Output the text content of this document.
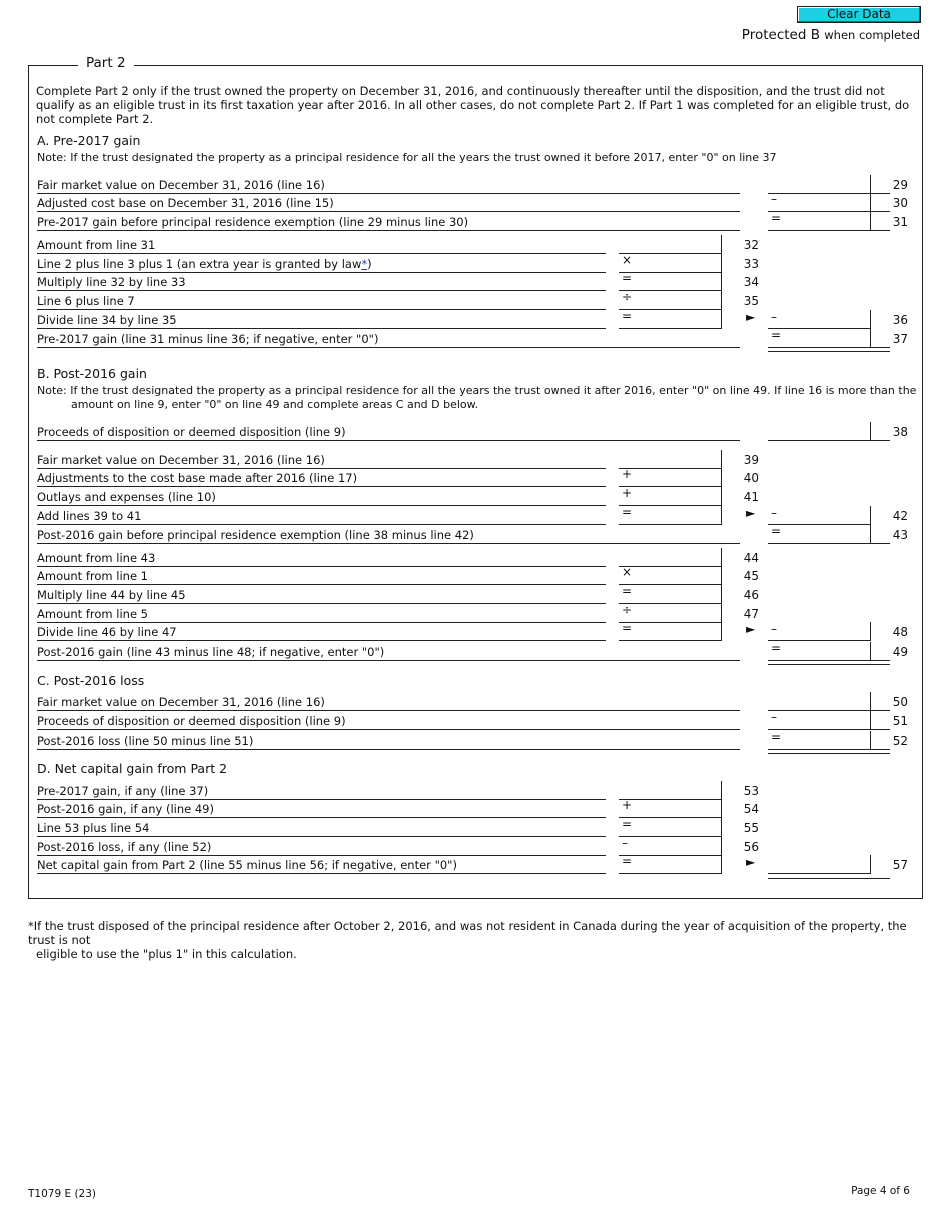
Clear Data
Protected B when completed
Part 2
Complete Part 2 only if the trust owned the property on December 31, 2016, and continuously thereafter until the disposition, and the trust did not qualify as an eligible trust in its first taxation year after 2016. In all other cases, do not complete Part 2. If Part 1 was completed for an eligible trust, do not complete Part 2.
A. Pre-2017 gain
Note: If the trust designated the property as a principal residence for all the years the trust owned it before 2017, enter "0" on line 37
B. Post-2016 gain
Note: If the trust designated the property as a principal residence for all the years the trust owned it after 2016, enter "0" on line 49. If line 16 is more than the
amount on line 9, enter "0" on line 49 and complete areas C and D below.
C. Post-2016 loss
D. Net capital gain from Part 2
Fair market value on December 31, 2016 (line 16)	29
Adjusted cost base on December 31, 2016 (line 15)	–	30
Pre-2017 gain before principal residence exemption (line 29 minus line 30)	=	31
Amount from line 31	32
Line 2 plus line 3 plus 1 (an extra year is granted by law*)	×	33
Multiply line 32 by line 33	=	34
Line 6 plus line 7	÷	35
Divide line 34 by line 35	=	► –	36
Pre-2017 gain (line 31 minus line 36; if negative, enter "0")	=	37
Proceeds of disposition or deemed disposition (line 9)	38
Fair market value on December 31, 2016 (line 16)	39
Adjustments to the cost base made after 2016 (line 17)	+	40
Outlays and expenses (line 10)	+	41
Add lines 39 to 41	=	► –	42
Post-2016 gain before principal residence exemption (line 38 minus line 42)	=	43
Amount from line 43	44
Amount from line 1	×	45
Multiply line 44 by line 45	=	46
Amount from line 5	÷	47
Divide line 46 by line 47	=	► –	48
Post-2016 gain (line 43 minus line 48; if negative, enter "0")	=	49
Fair market value on December 31, 2016 (line 16)	50
Proceeds of disposition or deemed disposition (line 9)	–	51
Post-2016 loss (line 50 minus line 51)	=	52
Pre-2017 gain, if any (line 37)	53
Post-2016 gain, if any (line 49)	+	54
Line 53 plus line 54	=	55
Post-2016 loss, if any (line 52)	–	56
Net capital gain from Part 2 (line 55 minus line 56; if negative, enter "0")	=	►	57
*If the trust disposed of the principal residence after October 2, 2016, and was not resident in Canada during the year of acquisition of the property, the trust is not
eligible to use the "plus 1" in this calculation.
T1079 E (23)	Page 4 of 6
